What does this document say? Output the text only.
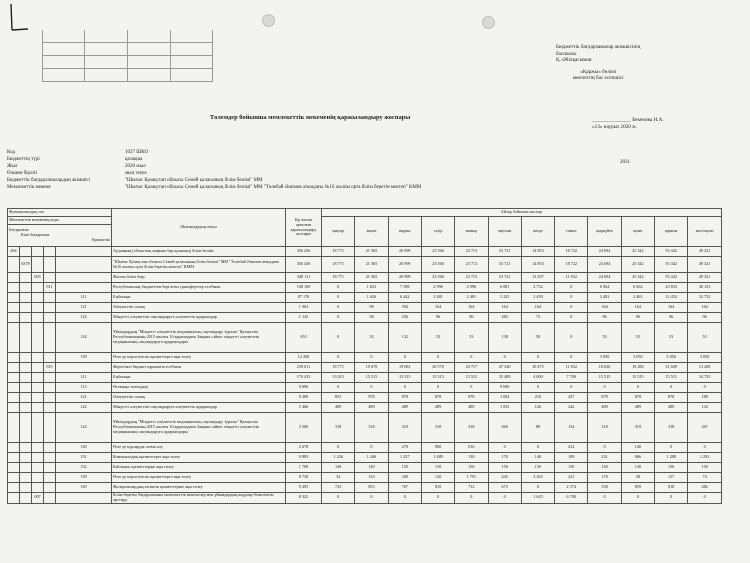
Бюджеттік бағдарламалар әкімшісінің
басшысы
Қ. Әбілқасымов
«Қаржы» бөлімі
мектептің бас есепшісі
Төлемдер бойынша мемлекеттік мекеменің қаржыландыру жоспары	_______________ Бекенова Н.А.
«13» наурыз 2020 ж.
Код	1027 ШКО
Бюджеттің түрі	қазақша
Жыл	2020 жыл
Өлшем бірлігі	мың теңге
Бюджеттік бағдарламалардың әкімшісі	"Шығыс Қазақстан облысы Семей қаласының білім бөлімі" ММ
Мемлекеттік мекеме	"Шығыс Қазақстан облысы Семей қаласының білім бөлімі" ММ "Төлебай Әшімов атындағы №16 жалпы орта білім беретін мектеп" КММ
2031
Функционалдық топ					Шығындардың атауы	Бір жылға арналған қаржыландыру жоспары	Айлар бойынша жоспар											

Мемлекеттік мекеменің коды							қаңтар	ақпан	наурыз	сәуір	мамыр	маусым	шілде	тамыз	қыркүйек	қазан	қараша	желтоқсан

Бағдарлама
Кіші бағдарлама
Ерекшелік																		

464					Ауданның (облыстық маңызы бар қаланың) білім бөлімі	356 436	18 771	21 565	26 999	23 566	23 713	53 721	14 853	18 722	24 694	25 342	55 442	49 321
	6378				"Шығыс Қазақстан облысы Семей қаласының білім бөлімі" ММ "Төлебай Әшімов атындағы №16 жалпы орта білім беретін мектеп" КММ	356 436	18 771	21 565	26 999	23 566	23 713	53 721	14 853	18 722	24 694	25 342	55 442	49 321
		003			Жалпы білім беру	348 111	18 771	21 565	26 999	23 566	23 713	53 721	13 207	11 832	24 694	25 342	55 442	49 321
			011		Республикалық бюджеттен берілетін трансферттер есебінен	108 100	0	1 823	7 598	2 996	2 996	6 081	2 732	0	6 064	6 062	23 833	30 153
				111	Еңбекақы	87 170	0	1 626	6 442	2 481	2 481	5 225	2 459	0	2 481	2 481	12 452	32 752
				121	Әлеуметтік салық	1 904	0	98	394	164	164	164	164	0	164	164	164	164
				122	Міндетті әлеуметтік сақтандыруға әлеуметтік аударымдар	1 145	0	58	236	96	96	282	73	0	96	96	96	96
				124	Ұйымдардың "Міндетті әлеуметтік медициналық сақтандыру туралы" Қазақстан Республикасының 2015 жылғы 16 қарашадағы Заңына сәйкес міндетті әлеуметтік медициналық сақтандыруға аударымдары	653	0	33	132	53	53	138	58	0	53	53	53	53
				159	Өзге де көрсетілетін қызметтерге ақы төлеу	12 200	0	0	0	0	0	0	0	0	3 050	3 050	3 050	3 050
			015		Жергілікті бюджет қаражаты есебінен	239 011	18 771	19 678	19 081	20 570	20 717	47 540	10 475	11 832	18 630	19 280	31 609	13 208
				111	Еңбекақы	170 435	13 015	15 515	15 515	15 515	15 515	35 489	4 000	7 700	15 515	15 515	15 515	34 735
				113	Өтемақы төлемдері	9 696	0	0	0	0	0	9 696	0	0	0	0	0	0
				121	Әлеуметтік салық	9 369	855	878	878	878	878	1 004	216	437	878	878	878	188
				122	Міндетті әлеуметтік сақтандыруға әлеуметтік аударымдар	5 466	489	489	489	489	489	1 052	126	242	489	489	489	134
				124	Ұйымдардың "Міндетті әлеуметтік медициналық сақтандыру туралы" Қазақстан Республикасының 2015 жылғы 16 қарашадағы Заңына сәйкес міндетті әлеуметтік медициналық сақтандыруға аударымдары	3 560	318	318	318	318	318	660	88	154	318	318	318	267
				149	Өзге де қорларды сатып алу	2 678	0	0	270	900	816	0	0	412	0	140	0	0
				151	Коммуналдық қызметтерге ақы төлеу	9 883	1 226	1 446	1 257	1 489	130	170	140	109	231	966	1 288	1 292
				152	Байланыс қызметтеріне ақы төлеу	1 769	149	149	150	150	150	150	150	150	140	140	150	150
				159	Өзге де көрсетілетін қызметтерге ақы төлеу	8 730	34	133	349	120	1 791	245	3 265	221	170	58	137	74
				169	Жолаушылардың көліктік қызметтеріне ақы төлеу	9 493	725	853	767	810	712	675	0	2 374	558	859	818	482
		007			Білім беретін бағдарламаны мемлекеттік мекемелер мен ұйымдардың кадрлар біліктілігін арттыру	8 325	0	0	0	0	0	0	1 625	6 700	0	0	0	0
